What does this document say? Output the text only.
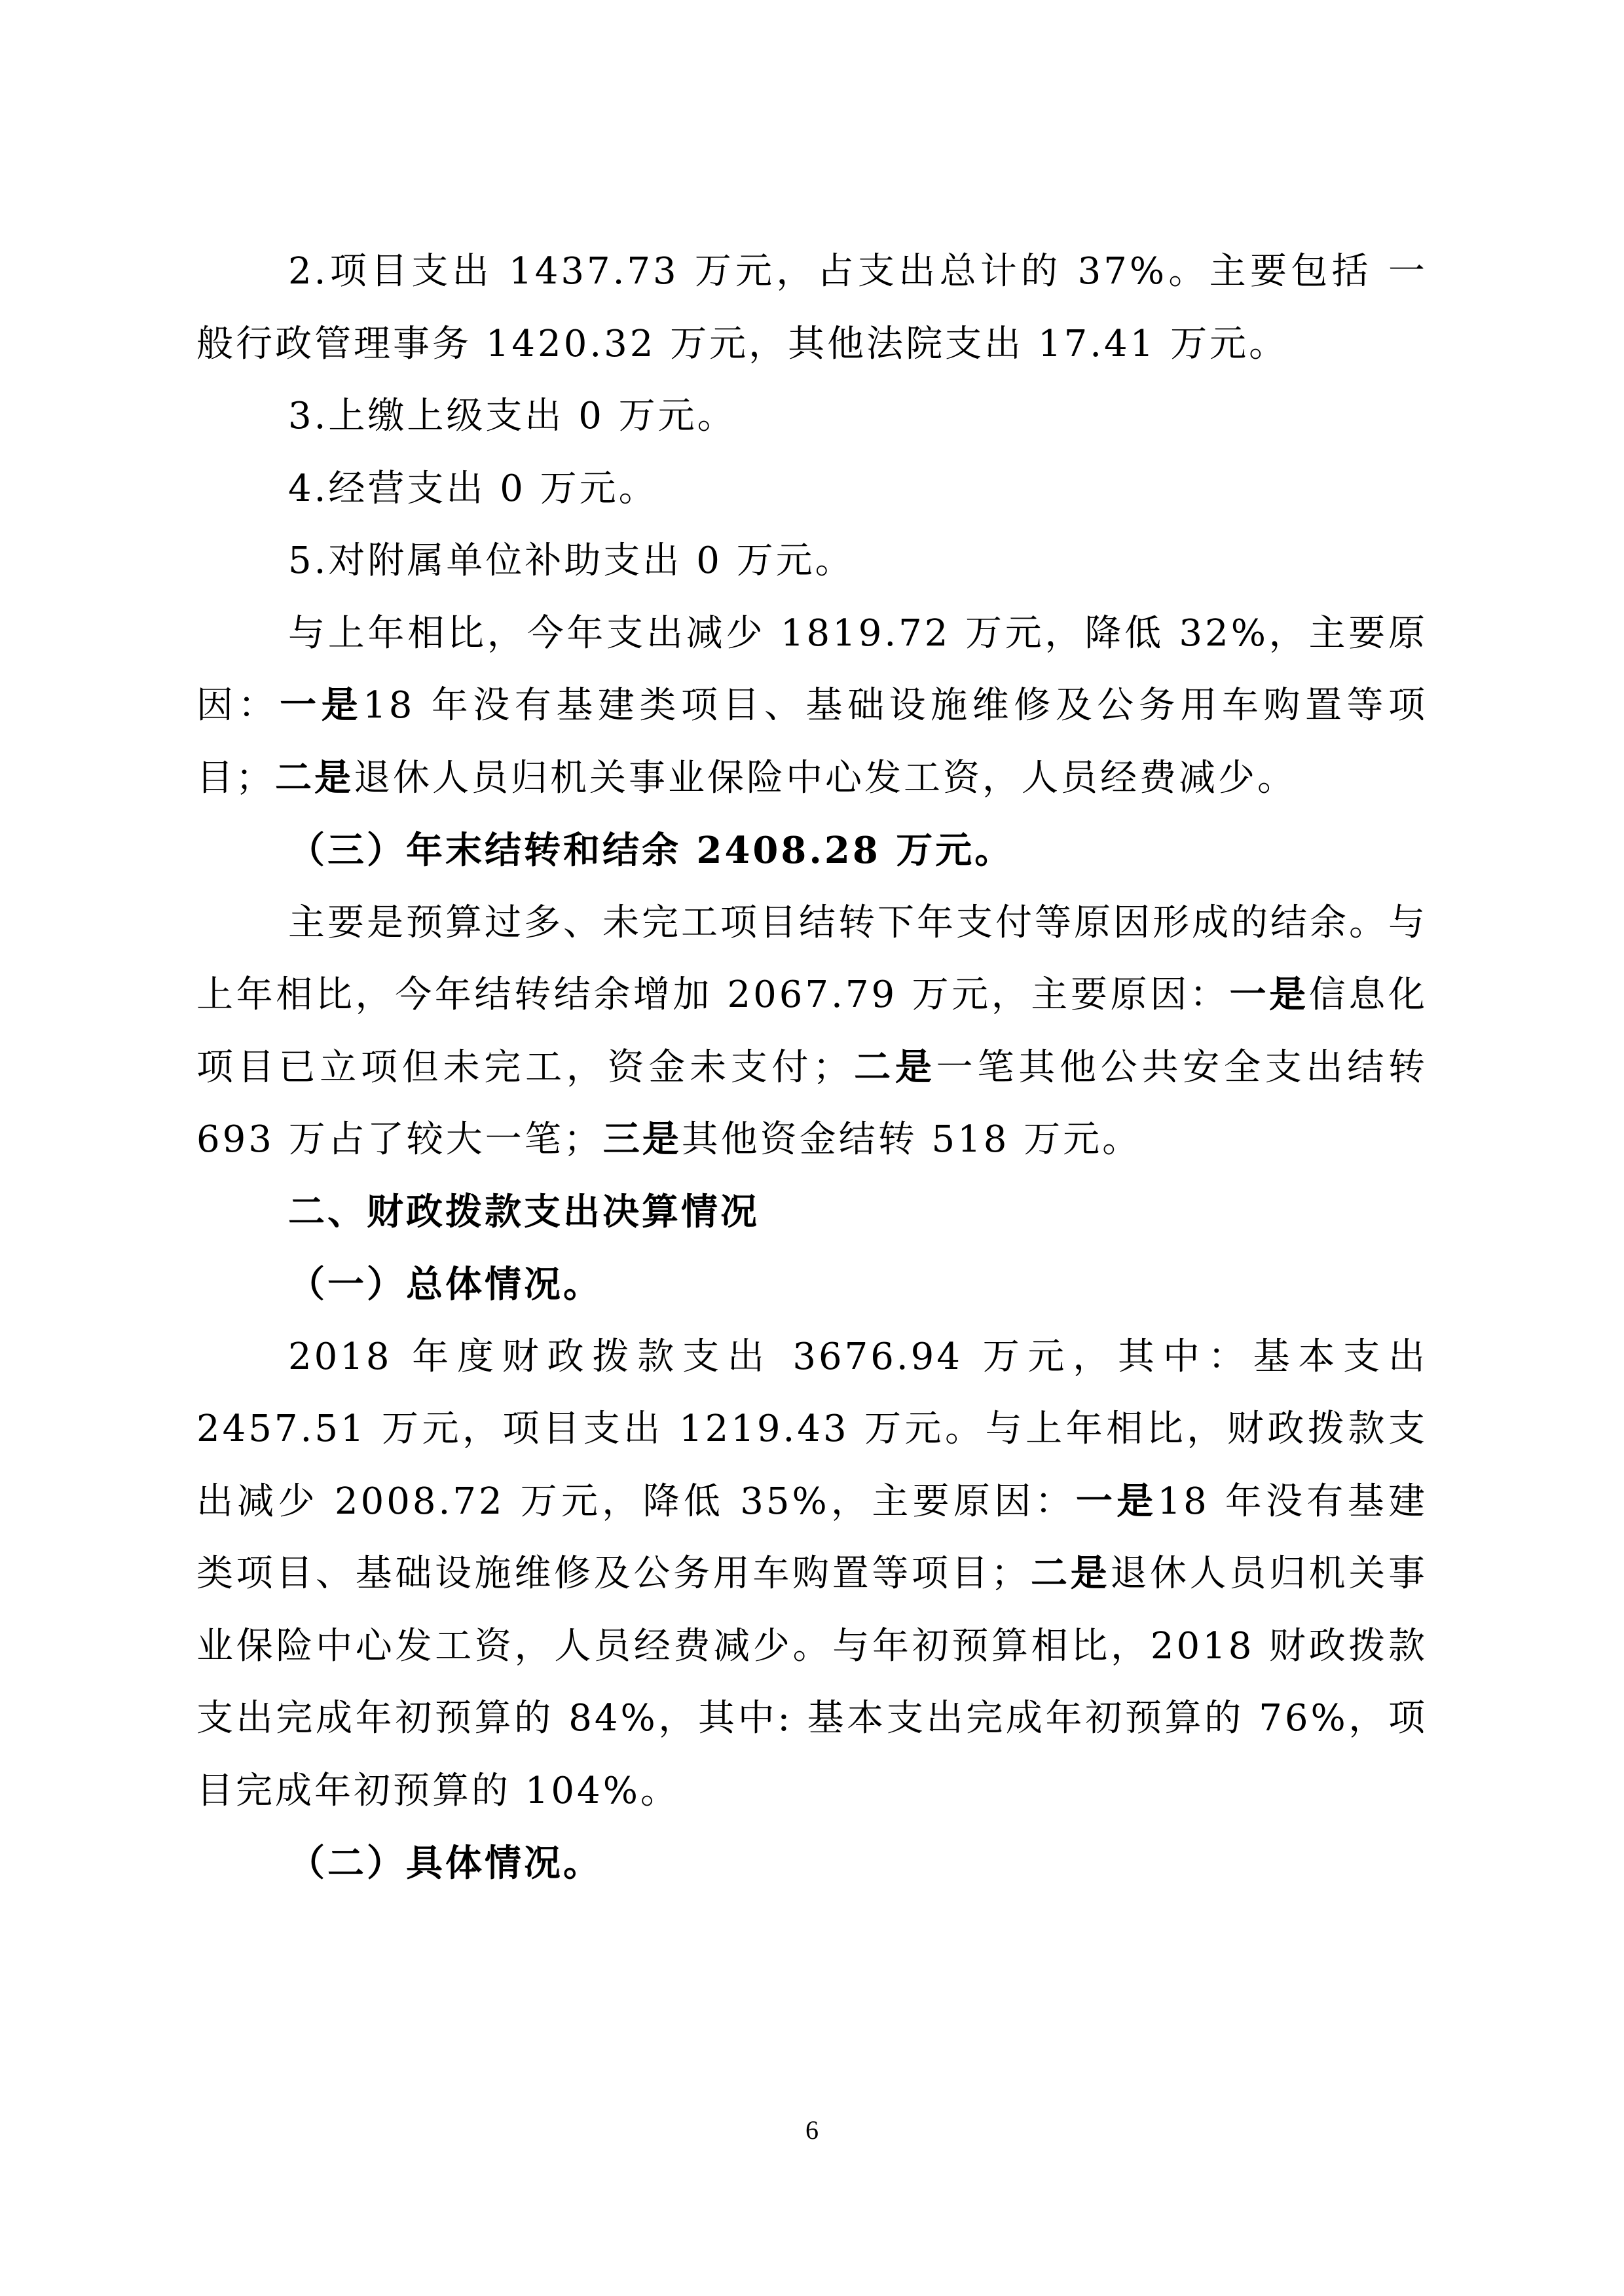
2.项目支出 1437.73 万元，占支出总计的 37%。主要包括 一般行政管理事务 1420.32 万元，其他法院支出 17.41 万元。

3.上缴上级支出 0 万元。

4.经营支出 0 万元。

5.对附属单位补助支出 0 万元。

与上年相比，今年支出减少 1819.72 万元，降低 32%，主要原因：一是18 年没有基建类项目、基础设施维修及公务用车购置等项目；二是退休人员归机关事业保险中心发工资，人员经费减少。

（三）年末结转和结余 2408.28 万元。

主要是预算过多、未完工项目结转下年支付等原因形成的结余。与上年相比，今年结转结余增加 2067.79 万元，主要原因：一是信息化项目已立项但未完工，资金未支付；二是一笔其他公共安全支出结转 693 万占了较大一笔；三是其他资金结转 518 万元。

二、财政拨款支出决算情况

（一）总体情况。

2018 年度财政拨款支出 3676.94 万元，其中：基本支出 2457.51 万元，项目支出 1219.43 万元。与上年相比，财政拨款支出减少 2008.72 万元，降低 35%，主要原因：一是18 年没有基建类项目、基础设施维修及公务用车购置等项目；二是退休人员归机关事业保险中心发工资，人员经费减少。与年初预算相比，2018 财政拨款支出完成年初预算的 84%，其中: 基本支出完成年初预算的 76%，项目完成年初预算的 104%。

（二）具体情况。

6
